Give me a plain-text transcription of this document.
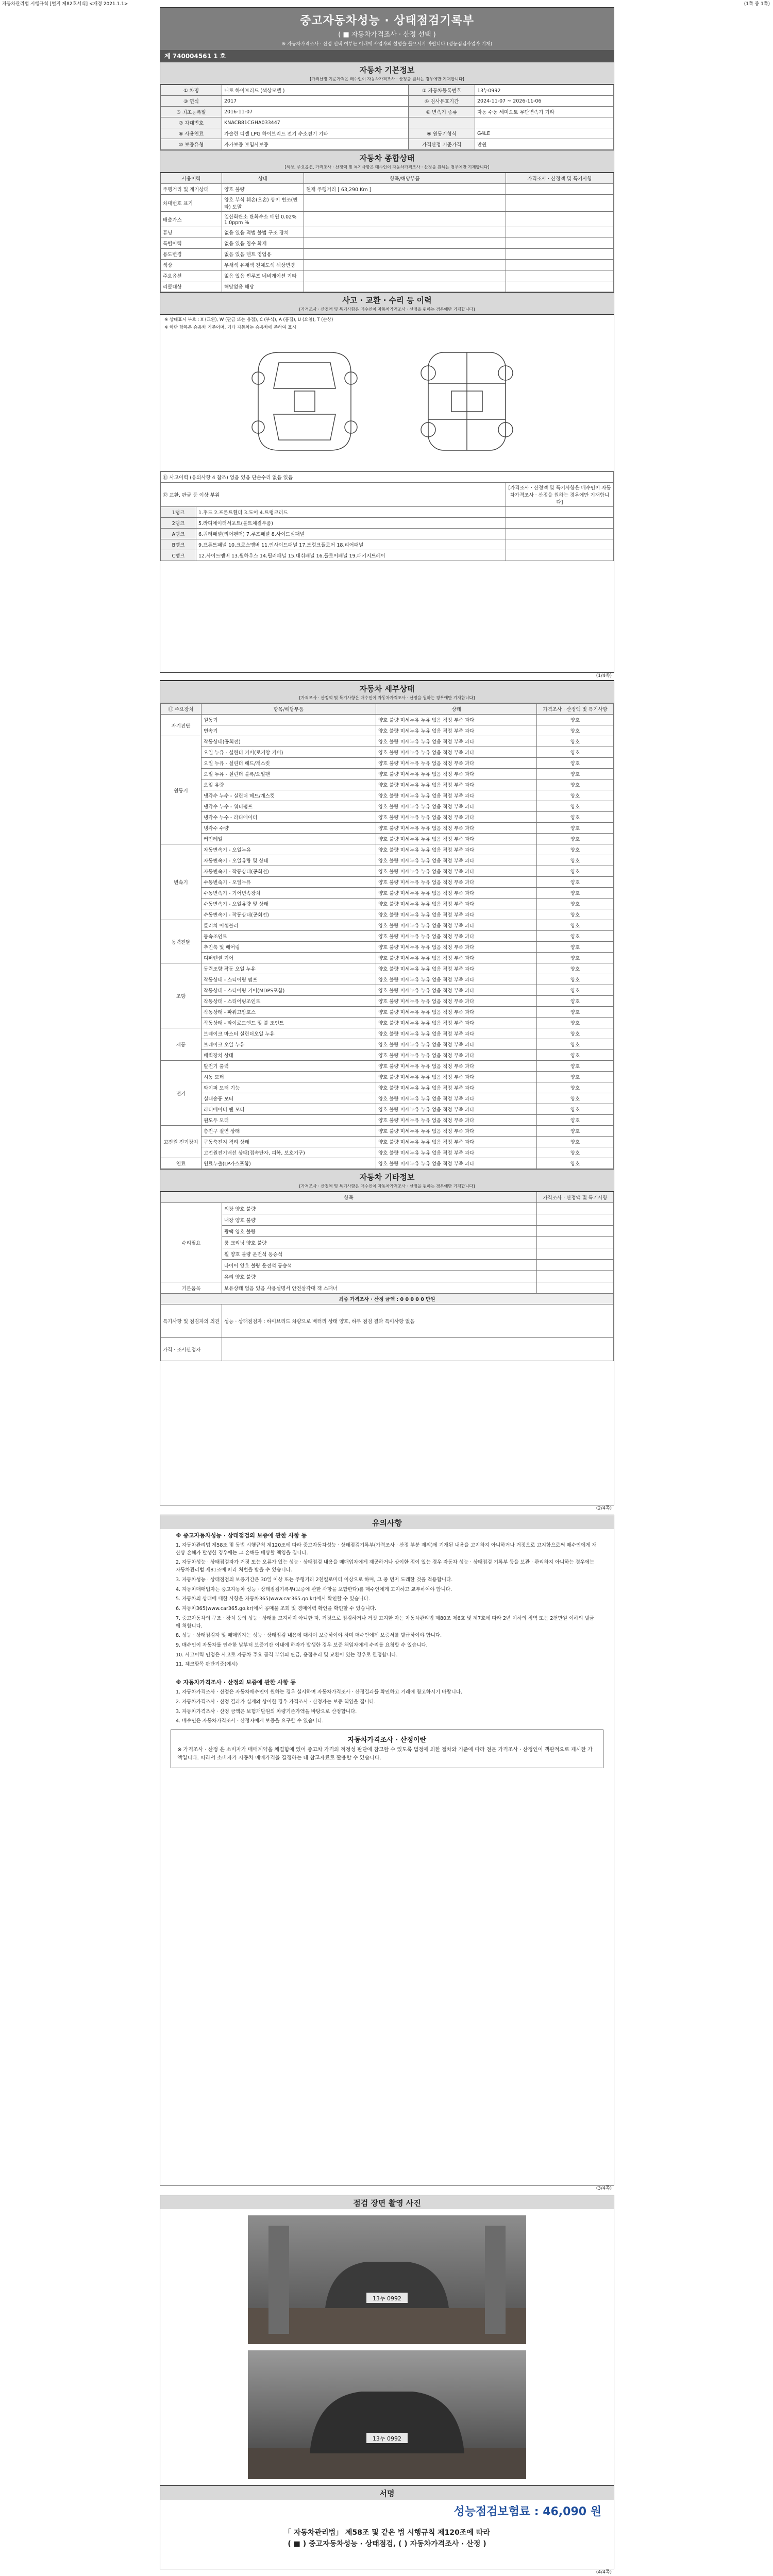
자동차관리법 시행규칙 [별지 제82호서식] <개정 2021.1.1>	(1쪽 중 1쪽)
중고자동차성능 · 상태점검기록부
( ■ 자동차가격조사 · 산정 선택 )
※ 자동차가격조사 · 산정 선택 여부는 이래에 사업자의 설명을 들으시기 바랍니다 (성능점검사업자 기재)
제 740004561 1 호
자동차 기본정보
[가격산정 기준가격은 매수인이 자동차가격조사 · 산정을 원하는 경우에만 기재합니다]
① 차명	니로 하이브리드 (색상모델 )	② 자동차등록번호	13누0992
③ 연식	2017	④ 검사유효기간	2024-11-07 ~ 2026-11-06
⑤ 최초등록일	2016-11-07	⑥ 변속기 종류	자동 수동 세미오토 무단변속기 기타
⑦ 차대번호	KNACB81CGHA033447		
⑧ 사용연료	가솔린 디젤 LPG 하이브리드 전기 수소전기 기타	⑨ 원동기형식	G4LE
⑩ 보증유형	자가보증 보험사보증	가격산정 기준가격	만원
자동차 종합상태
[색상, 주요옵션, 가격조사 · 산정액 및 특기사항은 매수인이 자동차가격조사 · 산정을 원하는 경우에만 기재합니다]
사용이력	상태	항목/해당부품	가격조사 · 산정액 및 특기사항
주행거리 및 계기상태	양호 불량	현재 주행거리 [ 63,290 Km ]	
차대번호 표기	양호 부식 훼손(오손) 상이 변조(변타) 도말		
배출가스	일산화탄소 탄화수소 매연 0.02% 1.0ppm %		
튜닝	없음 있음 적법 불법 구조 장치		
특별이력	없음 있음 침수 화재		
용도변경	없음 있음 렌트 영업용		
색상	무채색 유채색 전체도색 색상변경		
주요옵션	없음 있음 썬루프 네비게이션 기타		
리콜대상	해당없음 해당		
사고 · 교환 · 수리 등 이력
[가격조사 · 산정액 및 특기사항은 매수인이 자동차가격조사 · 산정을 원하는 경우에만 기재합니다]
※ 상태표시 부호 : X (교환), W (판금 또는 용접), C (부식), A (흠집), U (요철), T (손상)
※ 하단 항목은 승용차 기준이며, 기타 자동차는 승용차에 준하여 표시
⑪ 사고이력 (유의사항 4 참조) 없음 있음 단순수리 없음 있음		
⑫ 교환, 판금 등 이상 부위		[가격조사 · 산정액 및 특기사항은 매수인이 자동차가격조사 · 산정을 원하는 경우에만 기재합니다]
1랭크	1.후드 2.프론트휀더 3.도어 4.트렁크리드	
2랭크	5.라디에이터서포트(볼트체결부품)	
A랭크	6.쿼터패널(리어펜더) 7.루프패널 8.사이드실패널	
B랭크	9.프론트패널 10.크로스멤버 11.인사이드패널 17.트렁크플로어 18.리어패널	
C랭크	12.사이드멤버 13.휠하우스 14.필러패널 15.대쉬패널 16.플로어패널 19.패키지트레이	
(1/4쪽)
자동차 세부상태
[가격조사 · 산정액 및 특기사항은 매수인이 자동차가격조사 · 산정을 원하는 경우에만 기재합니다]
⑬ 주요장치	항목/해당부품	상태	가격조사 · 산정액 및 특기사항
자기진단	원동기	양호 불량 미세누유 누유 없음 적정 부족 과다	양호
	변속기	양호 불량 미세누유 누유 없음 적정 부족 과다	양호
원동기	작동상태(공회전)	양호 불량 미세누유 누유 없음 적정 부족 과다	양호
	오일 누유 - 실린더 커버(로커암 커버)	양호 불량 미세누유 누유 없음 적정 부족 과다	양호
	오일 누유 - 실린더 헤드/개스킷	양호 불량 미세누유 누유 없음 적정 부족 과다	양호
	오일 누유 - 실린더 블록/오일팬	양호 불량 미세누유 누유 없음 적정 부족 과다	양호
	오일 유량	양호 불량 미세누유 누유 없음 적정 부족 과다	양호
	냉각수 누수 - 실린더 헤드/개스킷	양호 불량 미세누유 누유 없음 적정 부족 과다	양호
	냉각수 누수 - 워터펌프	양호 불량 미세누유 누유 없음 적정 부족 과다	양호
	냉각수 누수 - 라디에이터	양호 불량 미세누유 누유 없음 적정 부족 과다	양호
	냉각수 수량	양호 불량 미세누유 누유 없음 적정 부족 과다	양호
	커먼레일	양호 불량 미세누유 누유 없음 적정 부족 과다	양호
변속기	자동변속기 - 오일누유	양호 불량 미세누유 누유 없음 적정 부족 과다	양호
	자동변속기 - 오일유량 및 상태	양호 불량 미세누유 누유 없음 적정 부족 과다	양호
	자동변속기 - 작동상태(공회전)	양호 불량 미세누유 누유 없음 적정 부족 과다	양호
	수동변속기 - 오일누유	양호 불량 미세누유 누유 없음 적정 부족 과다	양호
	수동변속기 - 기어변속장치	양호 불량 미세누유 누유 없음 적정 부족 과다	양호
	수동변속기 - 오일유량 및 상태	양호 불량 미세누유 누유 없음 적정 부족 과다	양호
	수동변속기 - 작동상태(공회전)	양호 불량 미세누유 누유 없음 적정 부족 과다	양호
동력전달	클러치 어셈블리	양호 불량 미세누유 누유 없음 적정 부족 과다	양호
	등속조인트	양호 불량 미세누유 누유 없음 적정 부족 과다	양호
	추진축 및 베어링	양호 불량 미세누유 누유 없음 적정 부족 과다	양호
	디퍼렌셜 기어	양호 불량 미세누유 누유 없음 적정 부족 과다	양호
조향	동력조향 작동 오일 누유	양호 불량 미세누유 누유 없음 적정 부족 과다	양호
	작동상태 - 스티어링 펌프	양호 불량 미세누유 누유 없음 적정 부족 과다	양호
	작동상태 - 스티어링 기어(MDPS포함)	양호 불량 미세누유 누유 없음 적정 부족 과다	양호
	작동상태 - 스티어링조인트	양호 불량 미세누유 누유 없음 적정 부족 과다	양호
	작동상태 - 파워고압호스	양호 불량 미세누유 누유 없음 적정 부족 과다	양호
	작동상태 - 타이로드엔드 및 볼 조인트	양호 불량 미세누유 누유 없음 적정 부족 과다	양호
제동	브레이크 마스터 실린더오일 누유	양호 불량 미세누유 누유 없음 적정 부족 과다	양호
	브레이크 오일 누유	양호 불량 미세누유 누유 없음 적정 부족 과다	양호
	배력장치 상태	양호 불량 미세누유 누유 없음 적정 부족 과다	양호
전기	발전기 출력	양호 불량 미세누유 누유 없음 적정 부족 과다	양호
	시동 모터	양호 불량 미세누유 누유 없음 적정 부족 과다	양호
	와이퍼 모터 기능	양호 불량 미세누유 누유 없음 적정 부족 과다	양호
	실내송풍 모터	양호 불량 미세누유 누유 없음 적정 부족 과다	양호
	라디에이터 팬 모터	양호 불량 미세누유 누유 없음 적정 부족 과다	양호
	윈도우 모터	양호 불량 미세누유 누유 없음 적정 부족 과다	양호
고전원 전기장치	충전구 절연 상태	양호 불량 미세누유 누유 없음 적정 부족 과다	양호
	구동축전지 격리 상태	양호 불량 미세누유 누유 없음 적정 부족 과다	양호
	고전원전기배선 상태(접속단자, 피복, 보호기구)	양호 불량 미세누유 누유 없음 적정 부족 과다	양호
연료	연료누출(LP가스포함)	양호 불량 미세누유 누유 없음 적정 부족 과다	양호
자동차 기타정보
[가격조사 · 산정액 및 특기사항은 매수인이 자동차가격조사 · 산정을 원하는 경우에만 기재합니다]
항목		가격조사 · 산정액 및 특기사항
수리필요	외장 양호 불량	
	내장 양호 불량	
	광택 양호 불량	
	룸 크리닝 양호 불량	
	휠 양호 불량 운전석 동승석	
	타이어 양호 불량 운전석 동승석	
	유리 양호 불량	
기본품목	보유상태 없음 있음 사용설명서 안전삼각대 잭 스패너	
최종 가격조사 · 산정 금액 : 0 0 0 0 0 만원		
특기사항 및 점검자의 의견	성능 · 상태점검자 : 하이브리드 차량으로 배터리 상태 양호, 하부 점검 결과 특이사항 없음	
가격 · 조사산정자		
(2/4쪽)
유의사항

※ 중고자동차성능 · 상태점검의 보증에 관한 사항 등

1. 자동차관리법 제58조 및 동법 시행규칙 제120조에 따라 중고자동차성능 · 상태점검기록부(가격조사 · 산정 부분 제외)에 기재된 내용을 고지하지 아니하거나 거짓으로 고지함으로써 매수인에게 재산상 손해가 발생한 경우에는 그 손해를 배상할 책임을 집니다.

2. 자동차성능 · 상태점검자가 거짓 또는 오류가 있는 성능 · 상태점검 내용을 매매업자에게 제공하거나 상이한 점이 있는 경우 자동차 성능 · 상태점검 기록부 등을 보관 · 관리하지 아니하는 경우에는 자동차관리법 제81조에 따라 처벌을 받을 수 있습니다.

3. 자동차성능 · 상태점검의 보증기간은 30일 이상 또는 주행거리 2천킬로미터 이상으로 하며, 그 중 먼저 도래한 것을 적용합니다.

4. 자동차매매업자는 중고자동차 성능 · 상태점검기록부(보증에 관한 사항을 포함한다)를 매수인에게 고지하고 교부하여야 합니다.

5. 자동차의 상태에 대한 사항은 자동차365(www.car365.go.kr)에서 확인할 수 있습니다.

6. 자동차365(www.car365.go.kr)에서 공매물 조회 및 경매이력 확인을 확인할 수 있습니다.

7. 중고자동차의 구조 · 장치 등의 성능 · 상태를 고지하지 아니한 자, 거짓으로 점검하거나 거짓 고지한 자는 자동차관리법 제80조 제6호 및 제7호에 따라 2년 이하의 징역 또는 2천만원 이하의 벌금에 처합니다.

8. 성능 · 상태점검자 및 매매업자는 성능 · 상태점검 내용에 대하여 보증하여야 하며 매수인에게 보증서를 발급하여야 합니다.

9. 매수인이 자동차를 인수한 날부터 보증기간 이내에 하자가 발생한 경우 보증 책임자에게 수리를 요청할 수 있습니다.

10. 사고이력 인정은 사고로 자동차 주요 골격 부위의 판금, 용접수리 및 교환이 있는 경우로 한정합니다.

11. 체크항목 판단기준(예시)

※ 자동차가격조사 · 산정의 보증에 관한 사항 등

1. 자동차가격조사 · 산정은 자동차매수인이 원하는 경우 실시하며 자동차가격조사 · 산정결과를 확인하고 거래에 참고하시기 바랍니다.

2. 자동차가격조사 · 산정 결과가 실제와 상이한 경우 가격조사 · 산정자는 보증 책임을 집니다.

3. 자동차가격조사 · 산정 금액은 보험개발원의 차량기준가액을 바탕으로 산정합니다.

4. 매수인은 자동차가격조사 · 산정자에게 보증을 요구할 수 있습니다.

자동차가격조사 · 산정이란
※ 가격조사 · 산정 은 소비자가 매매계약을 체결함에 있어 중고차 가격의 적정성 판단에 참고할 수 있도록 법정에 의한 절차와 기준에 따라 전문 가격조사 · 산정인이 객관적으로 제시한 가액입니다. 따라서 소비자가 자동차 매매가격을 결정하는 데 참고자료로 활용할 수 있습니다.
(3/4쪽)
점검 장면 촬영 사진
13누 0992
13누 0992
서명
성능점검보험료 : 46,090 원
「 자동차관리법」 제58조 및 같은 법 시행규칙 제120조에 따라
( ■ ) 중고자동차성능 · 상태점검, ( ) 자동차가격조사 · 산정 )
(4/4쪽)
